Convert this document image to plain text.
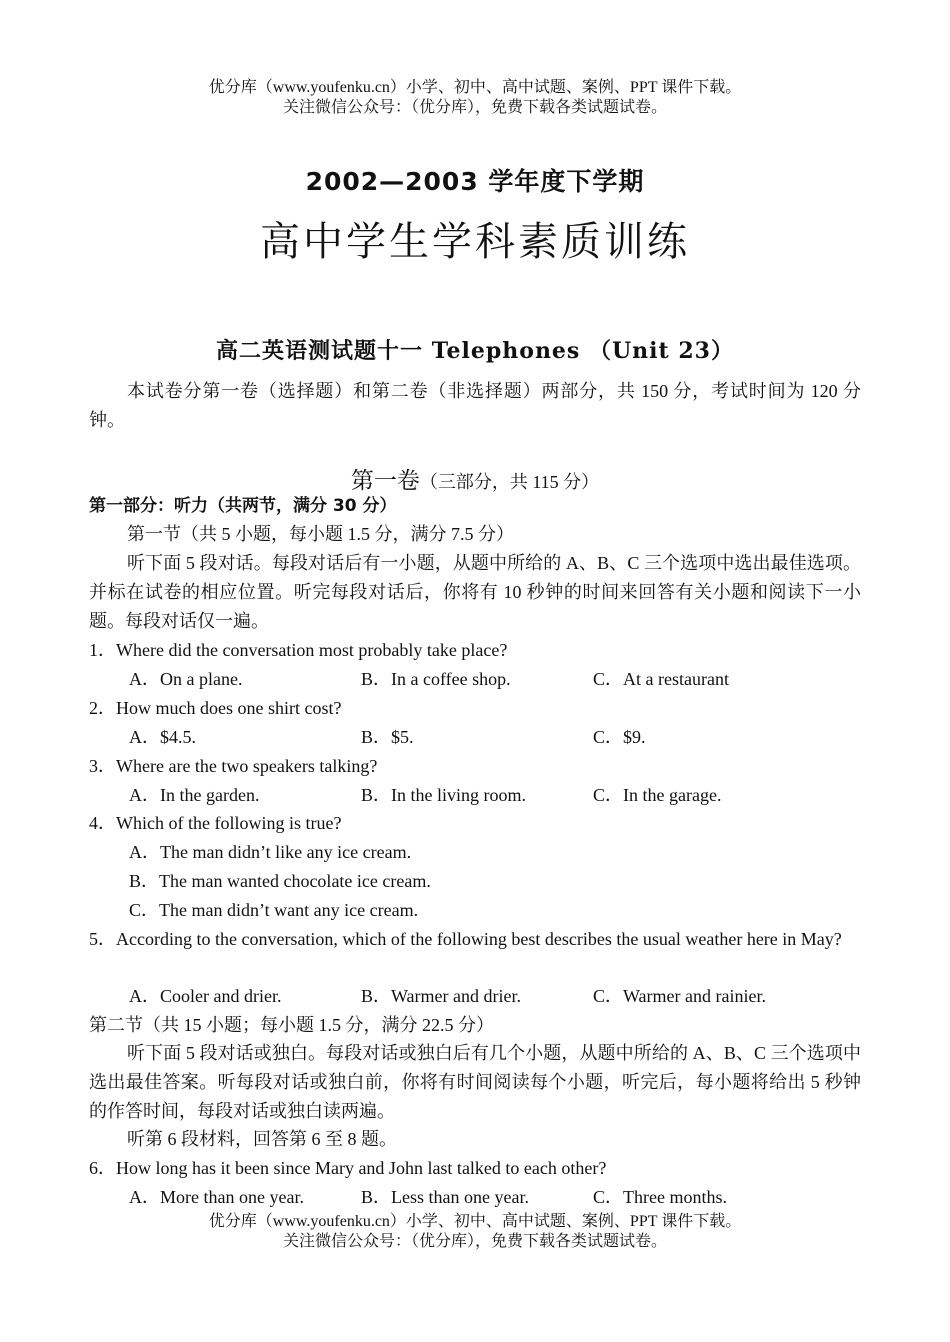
优分库（www.youfenku.cn）小学、初中、高中试题、案例、PPT 课件下载。
关注微信公众号：（优分库），免费下载各类试题试卷。
2002—2003 学年度下学期
高中学生学科素质训练
高二英语测试题十一 Telephones （Unit 23）
本试卷分第一卷（选择题）和第二卷（非选择题）两部分，共 150 分，考试时间为 120 分钟。
第一卷（三部分，共 115 分）
第一部分：听力（共两节，满分 30 分）
第一节（共 5 小题，每小题 1.5 分，满分 7.5 分）
听下面 5 段对话。每段对话后有一小题，从题中所给的 A、B、C 三个选项中选出最佳选项。并标在试卷的相应位置。听完每段对话后，你将有 10 秒钟的时间来回答有关小题和阅读下一小题。每段对话仅一遍。
1．Where did the conversation most probably take place?
A．On a plane.	B．In a coffee shop.	C．At a restaurant
2．How much does one shirt cost?
A．$4.5.	B．$5.	C．$9.
3．Where are the two speakers talking?
A．In the garden.	B．In the living room.	C．In the garage.
4．Which of the following is true?
A．The man didn’t like any ice cream.
B．The man wanted chocolate ice cream.
C．The man didn’t want any ice cream.
5．According to the conversation, which of the following best describes the usual weather here in May?
A．Cooler and drier.	B．Warmer and drier.	C．Warmer and rainier.
第二节（共 15 小题；每小题 1.5 分，满分 22.5 分）
听下面 5 段对话或独白。每段对话或独白后有几个小题，从题中所给的 A、B、C 三个选项中选出最佳答案。听每段对话或独白前，你将有时间阅读每个小题，听完后，每小题将给出 5 秒钟的作答时间，每段对话或独白读两遍。
听第 6 段材料，回答第 6 至 8 题。
6．How long has it been since Mary and John last talked to each other?
A．More than one year.	B．Less than one year.	C．Three months.
优分库（www.youfenku.cn）小学、初中、高中试题、案例、PPT 课件下载。
关注微信公众号：（优分库），免费下载各类试题试卷。
